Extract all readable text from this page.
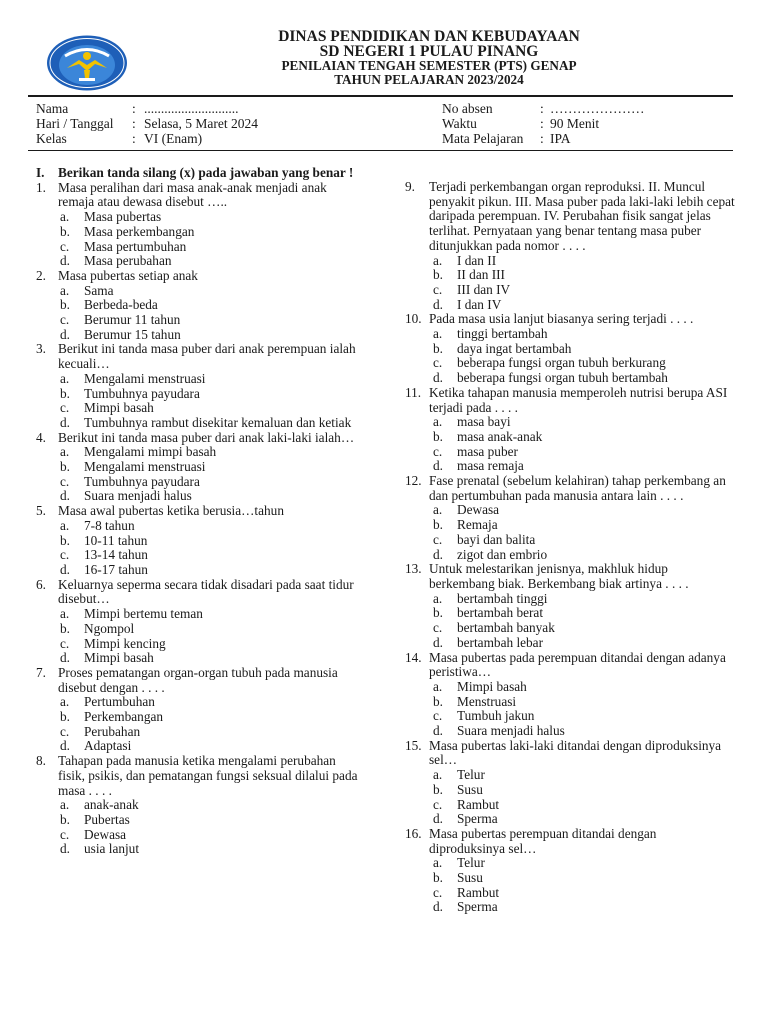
DINAS PENDIDIKAN DAN KEBUDAYAAN
SD NEGERI 1 PULAU PINANG
PENILAIAN TENGAH SEMESTER (PTS) GENAP
TAHUN PELAJARAN 2023/2024
Nama	: ............................
Hari / Tanggal : Selasa, 5 Maret 2024
Kelas	: VI (Enam)
No absen	: …………………
Waktu	: 90 Menit
Mata Pelajaran : IPA
I. Berikan tanda silang (x) pada jawaban yang benar !
1. Masa peralihan dari masa anak-anak menjadi anak remaja atau dewasa disebut …..
a.	Masa pubertas
b.	Masa perkembangan
c.	Masa pertumbuhan
d.	Masa perubahan
2. Masa pubertas setiap anak
a.	Sama
b.	Berbeda-beda
c.	Berumur 11 tahun
d.	Berumur 15 tahun
3. Berikut ini tanda masa puber dari anak perempuan ialah kecuali…
a.	Mengalami menstruasi
b.	Tumbuhnya payudara
c.	Mimpi basah
d.	Tumbuhnya rambut disekitar kemaluan dan ketiak
4. Berikut ini tanda masa puber dari anak laki-laki ialah…
a.	Mengalami mimpi basah
b.	Mengalami menstruasi
c.	Tumbuhnya payudara
d.	Suara menjadi halus
5. Masa awal pubertas ketika berusia…tahun
a.	7-8 tahun
b.	10-11 tahun
c.	13-14 tahun
d.	16-17 tahun
6. Keluarnya seperma secara tidak disadari pada saat tidur disebut…
a.	Mimpi bertemu teman
b.	Ngompol
c.	Mimpi kencing
d.	Mimpi basah
7. Proses pematangan organ-organ tubuh pada manusia disebut dengan . . . .
a.	Pertumbuhan
b.	Perkembangan
c.	Perubahan
d.	Adaptasi
8. Tahapan pada manusia ketika mengalami perubahan fisik, psikis, dan pematangan fungsi seksual dilalui pada masa . . . .
a.	anak-anak
b.	Pubertas
c.	Dewasa
d.	usia lanjut
9.	Terjadi perkembangan organ reproduksi. II. Muncul penyakit pikun. III. Masa puber pada laki-laki lebih cepat daripada perempuan. IV. Perubahan fisik sangat jelas terlihat. Pernyataan yang benar tentang masa puber ditunjukkan pada nomor . . . .
a.	I dan II
b.	II dan III
c.	III dan IV
d.	I dan IV
10. Pada masa usia lanjut biasanya sering terjadi . . . .
a.	tinggi bertambah
b.	daya ingat bertambah
c.	beberapa fungsi organ tubuh berkurang
d.	beberapa fungsi organ tubuh bertambah
11. Ketika tahapan manusia memperoleh nutrisi berupa ASI terjadi pada . . . .
a.	masa bayi
b.	masa anak-anak
c.	masa puber
d.	masa remaja
12. Fase prenatal (sebelum kelahiran) tahap perkembang an dan pertumbuhan pada manusia antara lain . . . .
a.	Dewasa
b.	Remaja
c.	bayi dan balita
d.	zigot dan embrio
13. Untuk melestarikan jenisnya, makhluk hidup berkembang biak. Berkembang biak artinya . . . .
a.	bertambah tinggi
b.	bertambah berat
c.	bertambah banyak
d.	bertambah lebar
14. Masa pubertas pada perempuan ditandai dengan adanya peristiwa…
a.	Mimpi basah
b.	Menstruasi
c.	Tumbuh jakun
d.	Suara menjadi halus
15. Masa pubertas laki-laki ditandai dengan diproduksinya sel…
a.	Telur
b.	Susu
c.	Rambut
d.	Sperma
16. Masa pubertas perempuan ditandai dengan diproduksinya sel…
a.	Telur
b.	Susu
c.	Rambut
d.	Sperma
